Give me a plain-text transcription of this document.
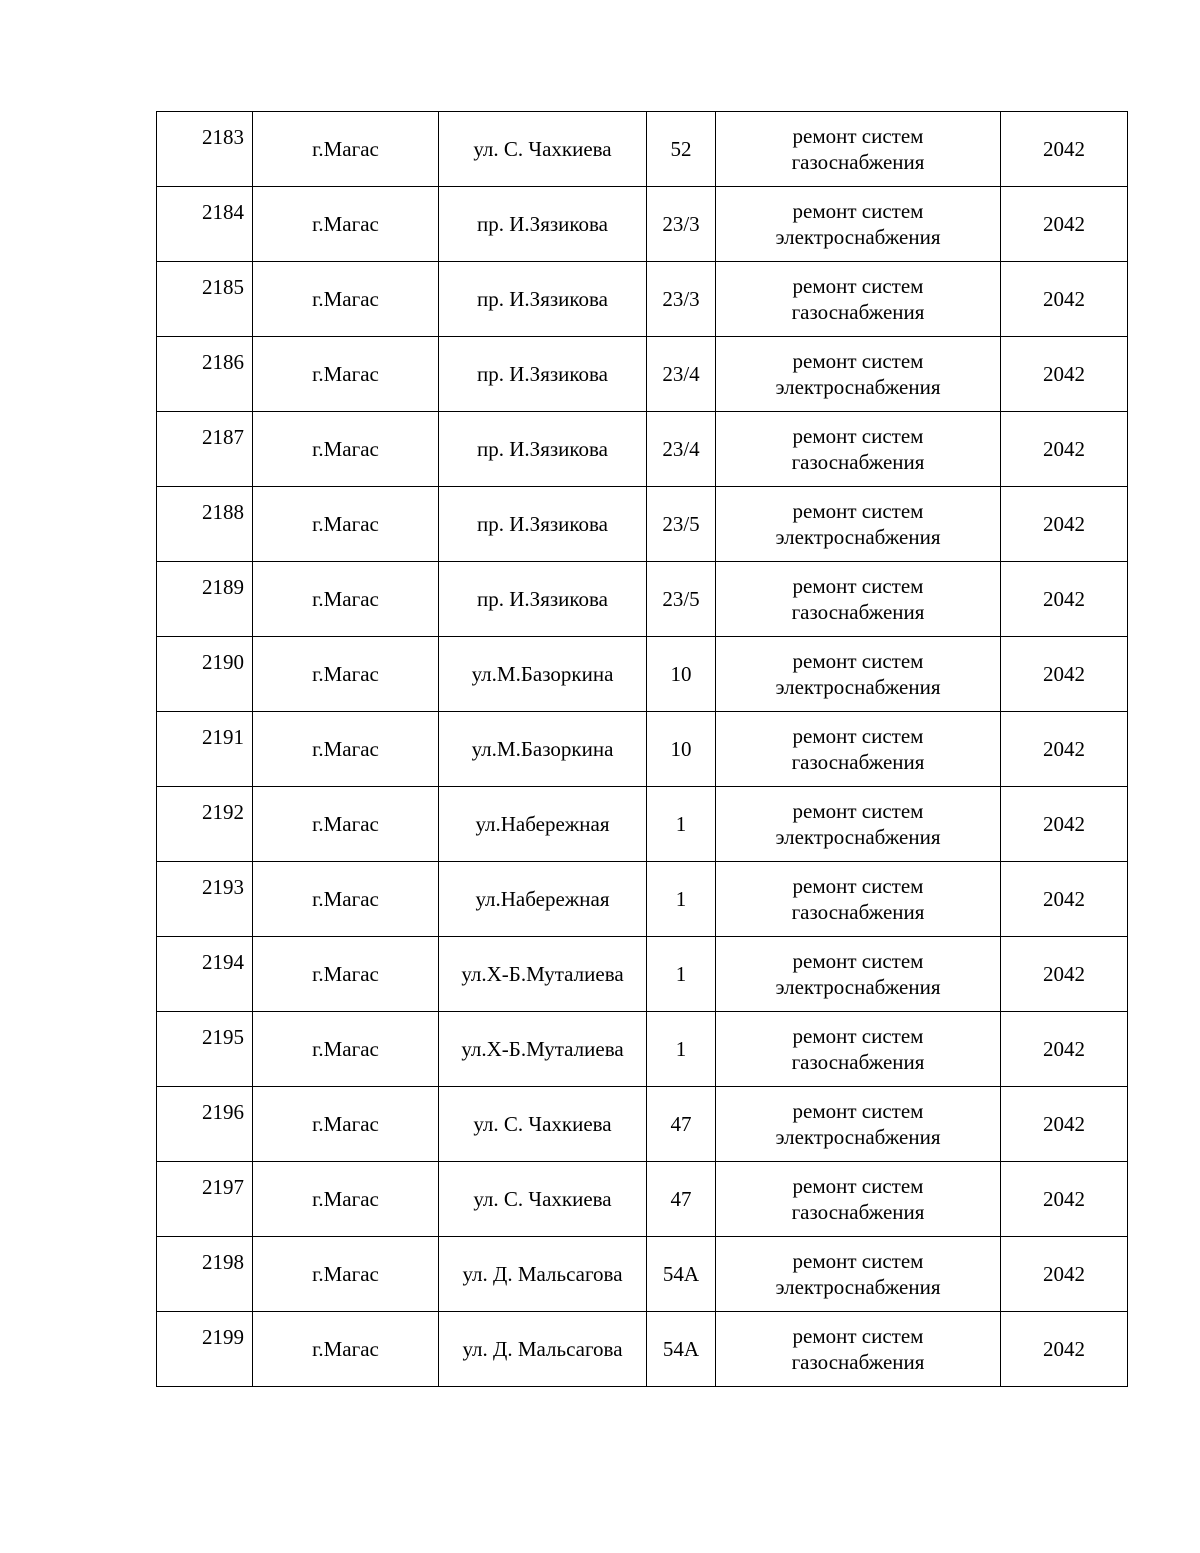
2183	г.Магас	ул. С. Чахкиева	52	ремонт систем газоснабжения	2042
2184	г.Магас	пр. И.Зязикова	23/3	ремонт систем электроснабжения	2042
2185	г.Магас	пр. И.Зязикова	23/3	ремонт систем газоснабжения	2042
2186	г.Магас	пр. И.Зязикова	23/4	ремонт систем электроснабжения	2042
2187	г.Магас	пр. И.Зязикова	23/4	ремонт систем газоснабжения	2042
2188	г.Магас	пр. И.Зязикова	23/5	ремонт систем электроснабжения	2042
2189	г.Магас	пр. И.Зязикова	23/5	ремонт систем газоснабжения	2042
2190	г.Магас	ул.М.Базоркина	10	ремонт систем электроснабжения	2042
2191	г.Магас	ул.М.Базоркина	10	ремонт систем газоснабжения	2042
2192	г.Магас	ул.Набережная	1	ремонт систем электроснабжения	2042
2193	г.Магас	ул.Набережная	1	ремонт систем газоснабжения	2042
2194	г.Магас	ул.Х-Б.Муталиева	1	ремонт систем электроснабжения	2042
2195	г.Магас	ул.Х-Б.Муталиева	1	ремонт систем газоснабжения	2042
2196	г.Магас	ул. С. Чахкиева	47	ремонт систем электроснабжения	2042
2197	г.Магас	ул. С. Чахкиева	47	ремонт систем газоснабжения	2042
2198	г.Магас	ул. Д. Мальсагова	54А	ремонт систем электроснабжения	2042
2199	г.Магас	ул. Д. Мальсагова	54А	ремонт систем газоснабжения	2042
